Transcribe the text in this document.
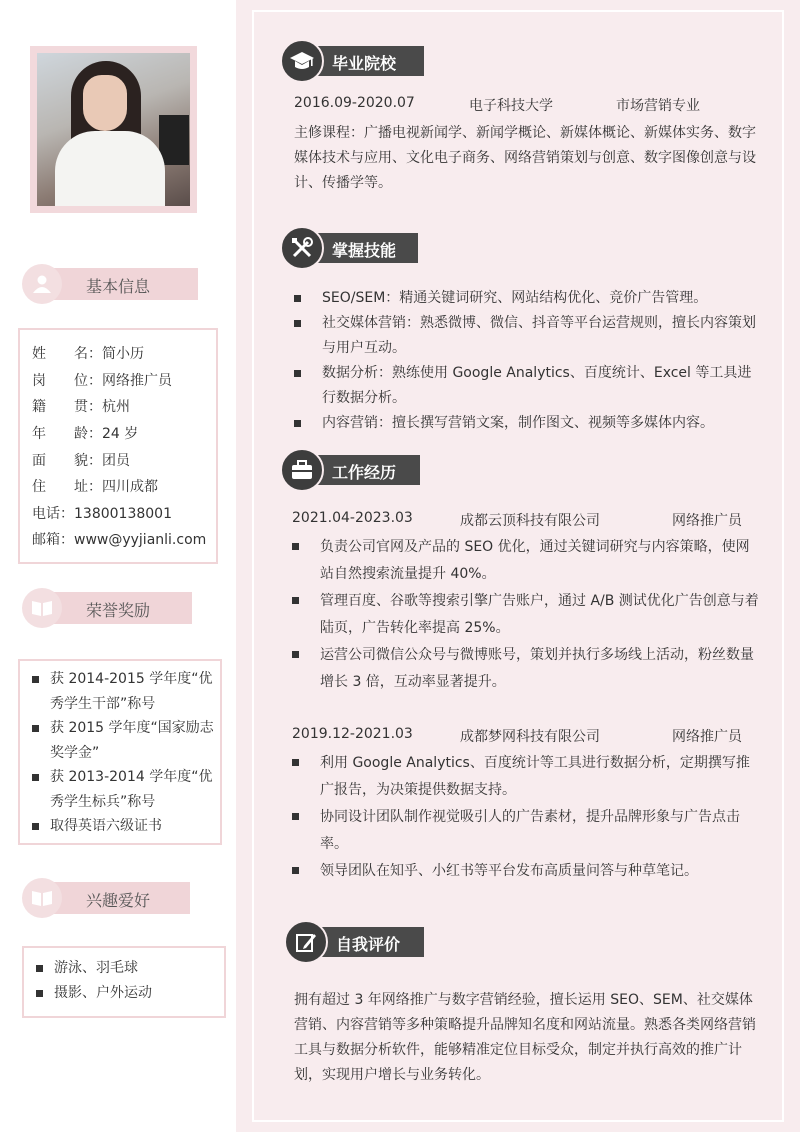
基本信息
姓 名 ： 简小历
岗 位 ： 网络推广员
籍 贯 ： 杭州
年 龄 ： 24 岁
面 貌 ： 团员
住 址 ： 四川成都
电话：13800138001
邮箱：www@yyjianli.com
荣誉奖励
获 2014-2015 学年度“优秀学生干部”称号
获 2015 学年度“国家励志奖学金”
获 2013-2014 学年度“优秀学生标兵”称号
取得英语六级证书
兴趣爱好
游泳、羽毛球
摄影、户外运动
毕业院校
2016.09-2020.07	电子科技大学	市场营销专业
主修课程：广播电视新闻学、新闻学概论、新媒体概论、新媒体实务、数字媒体技术与应用、文化电子商务、网络营销策划与创意、数字图像创意与设计、传播学等。
掌握技能
SEO/SEM：精通关键词研究、网站结构优化、竞价广告管理。
社交媒体营销：熟悉微博、微信、抖音等平台运营规则，擅长内容策划与用户互动。
数据分析：熟练使用 Google Analytics、百度统计、Excel 等工具进行数据分析。
内容营销：擅长撰写营销文案，制作图文、视频等多媒体内容。
工作经历
2021.04-2023.03	成都云顶科技有限公司	网络推广员
负责公司官网及产品的 SEO 优化，通过关键词研究与内容策略，使网站自然搜索流量提升 40%。
管理百度、谷歌等搜索引擎广告账户，通过 A/B 测试优化广告创意与着陆页，广告转化率提高 25%。
运营公司微信公众号与微博账号，策划并执行多场线上活动，粉丝数量增长 3 倍，互动率显著提升。
2019.12-2021.03	成都梦网科技有限公司	网络推广员
利用 Google Analytics、百度统计等工具进行数据分析，定期撰写推广报告，为决策提供数据支持。
协同设计团队制作视觉吸引人的广告素材，提升品牌形象与广告点击率。
领导团队在知乎、小红书等平台发布高质量问答与种草笔记。
自我评价
拥有超过 3 年网络推广与数字营销经验，擅长运用 SEO、SEM、社交媒体营销、内容营销等多种策略提升品牌知名度和网站流量。熟悉各类网络营销工具与数据分析软件，能够精准定位目标受众，制定并执行高效的推广计划，实现用户增长与业务转化。
